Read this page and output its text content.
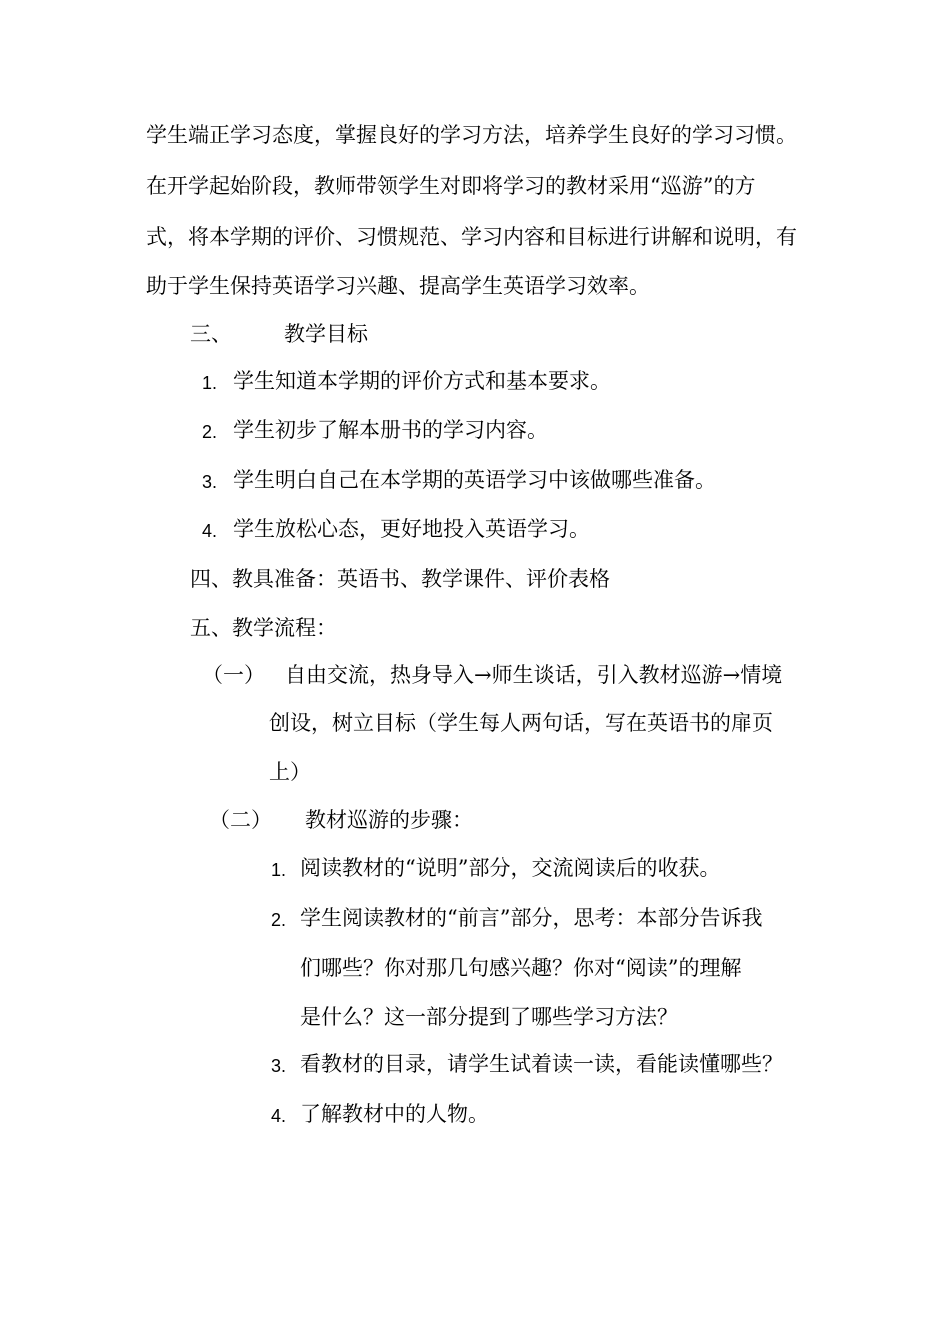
学生端正学习态度，掌握良好的学习方法，培养学生良好的学习习惯。
在开学起始阶段，教师带领学生对即将学习的教材采用“巡游”的方
式，将本学期的评价、习惯规范、学习内容和目标进行讲解和说明，有
助于学生保持英语学习兴趣、提高学生英语学习效率。
三、 教学目标
1. 学生知道本学期的评价方式和基本要求。
2. 学生初步了解本册书的学习内容。
3. 学生明白自己在本学期的英语学习中该做哪些准备。
4. 学生放松心态，更好地投入英语学习。
四、教具准备：英语书、教学课件、评价表格
五、教学流程：
（一） 自由交流，热身导入→师生谈话，引入教材巡游→情境
创设，树立目标（学生每人两句话，写在英语书的扉页
上）
（二） 教材巡游的步骤：
1. 阅读教材的“说明”部分，交流阅读后的收获。
2. 学生阅读教材的“前言”部分，思考：本部分告诉我
们哪些？你对那几句感兴趣？你对“阅读”的理解
是什么？这一部分提到了哪些学习方法？
3. 看教材的目录，请学生试着读一读，看能读懂哪些？
4. 了解教材中的人物。
